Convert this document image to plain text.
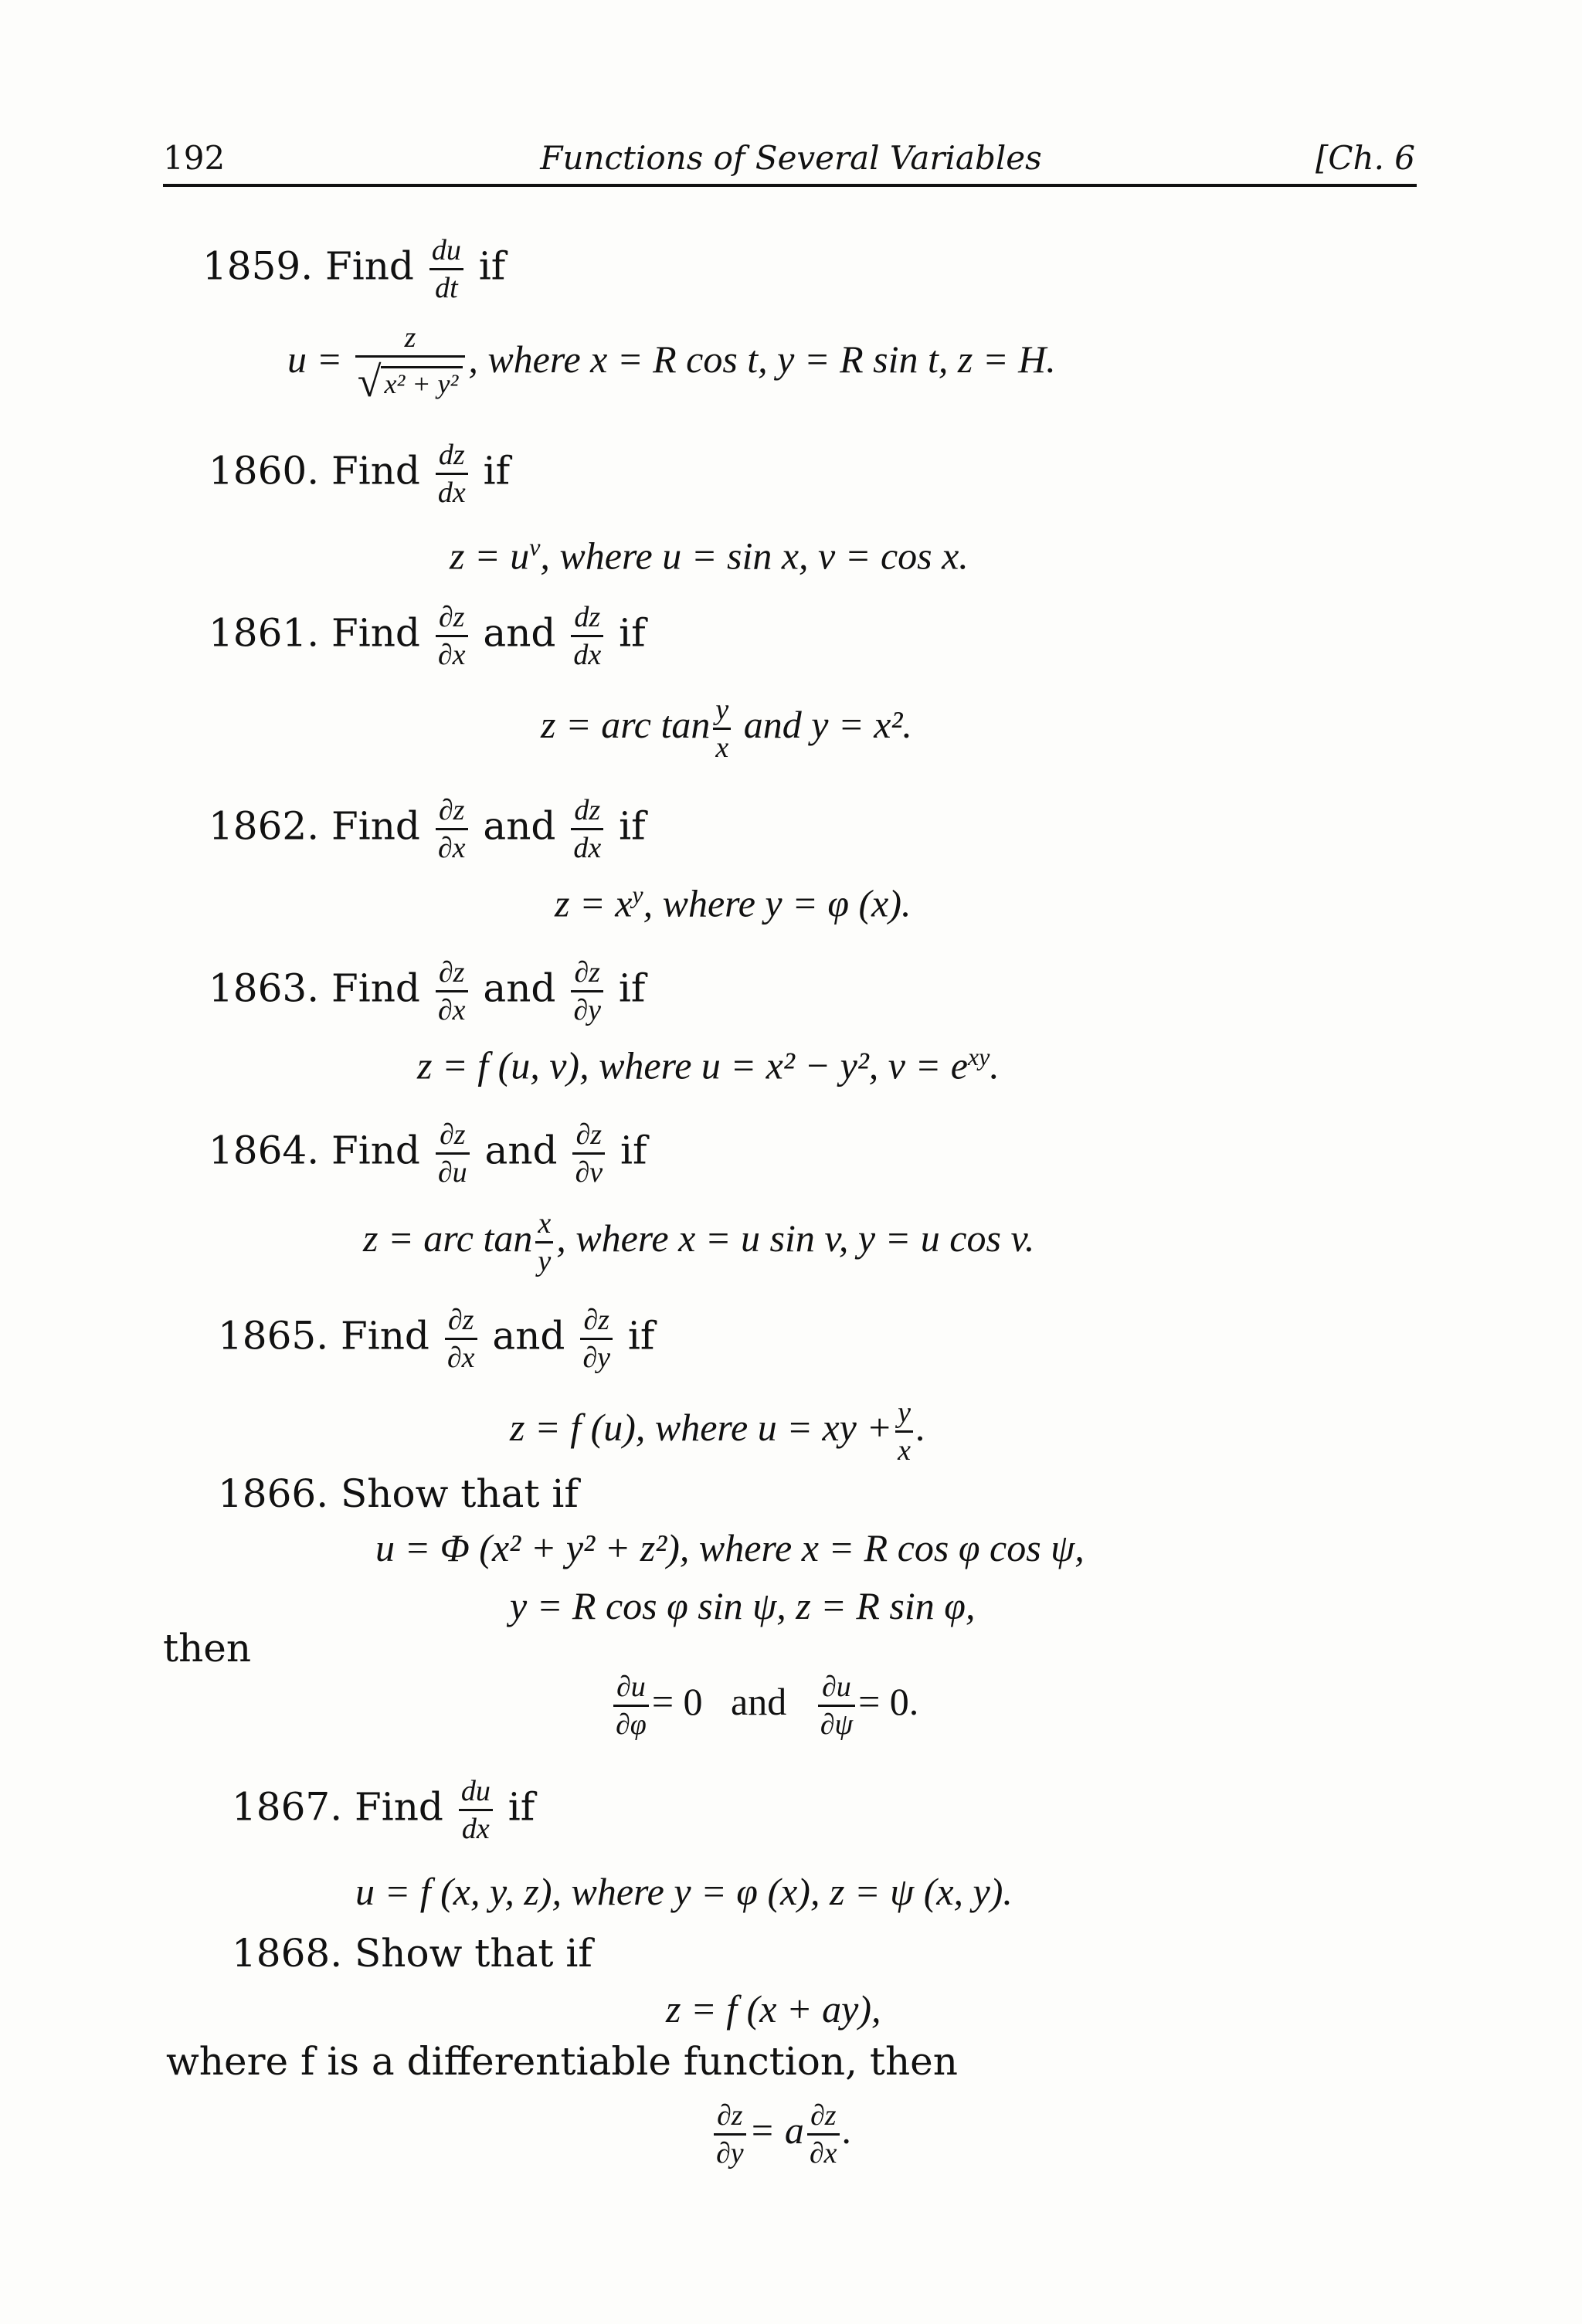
192	Functions of Several Variables	[Ch. 6
1859. Find $\frac{du}{dt}$ if
$u = \frac{z}{\text{√ x² + y²}}$ , where x = R cos t, y = R sin t, z = H.
1860. Find $\frac{dz}{dx}$ if
$z = u^v$, where u = sin x, v = cos x.
1861. Find $\frac{\partial z}{\partial x}$ and $\frac{dz}{dx}$ if
z = arc $\tan \frac{y}{x}$ and y = x².
1862. Find $\frac{\partial z}{\partial x}$ and $\frac{dz}{dx}$ if
$z = x^y$, where y = φ (x).
1863. Find $\frac{\partial z}{\partial x}$ and $\frac{\partial z}{\partial y}$ if
z = f (u, v), where u = x² − y², $v = e^{xy}$.
1864. Find $\frac{\partial z}{\partial u}$ and $\frac{\partial z}{\partial v}$ if
z = arc $\tan \frac{x}{y}$ , where x = u sin v, y = u cos v.
1865. Find $\frac{\partial z}{\partial x}$ and $\frac{\partial z}{\partial y}$ if
z = f (u), where u = xy + $\frac{y}{x}$ .
1866. Show that if
u = Φ (x² + y² + z²), where x = R cos φ cos ψ,
y = R cos φ sin ψ, z = R sin φ,
then
$\frac{\partial u}{\partial\varphi} = 0$ and $\frac{\partial u}{\partial\psi} = 0$.
1867. Find $\frac{du}{dx}$ if
u = f (x, y, z), where y = φ (x), z = ψ (x, y).
1868. Show that if
z = f (x + ay),
where f is a differentiable function, then
$\frac{\partial z}{\partial y} = a \frac{\partial z}{\partial x}$ .
